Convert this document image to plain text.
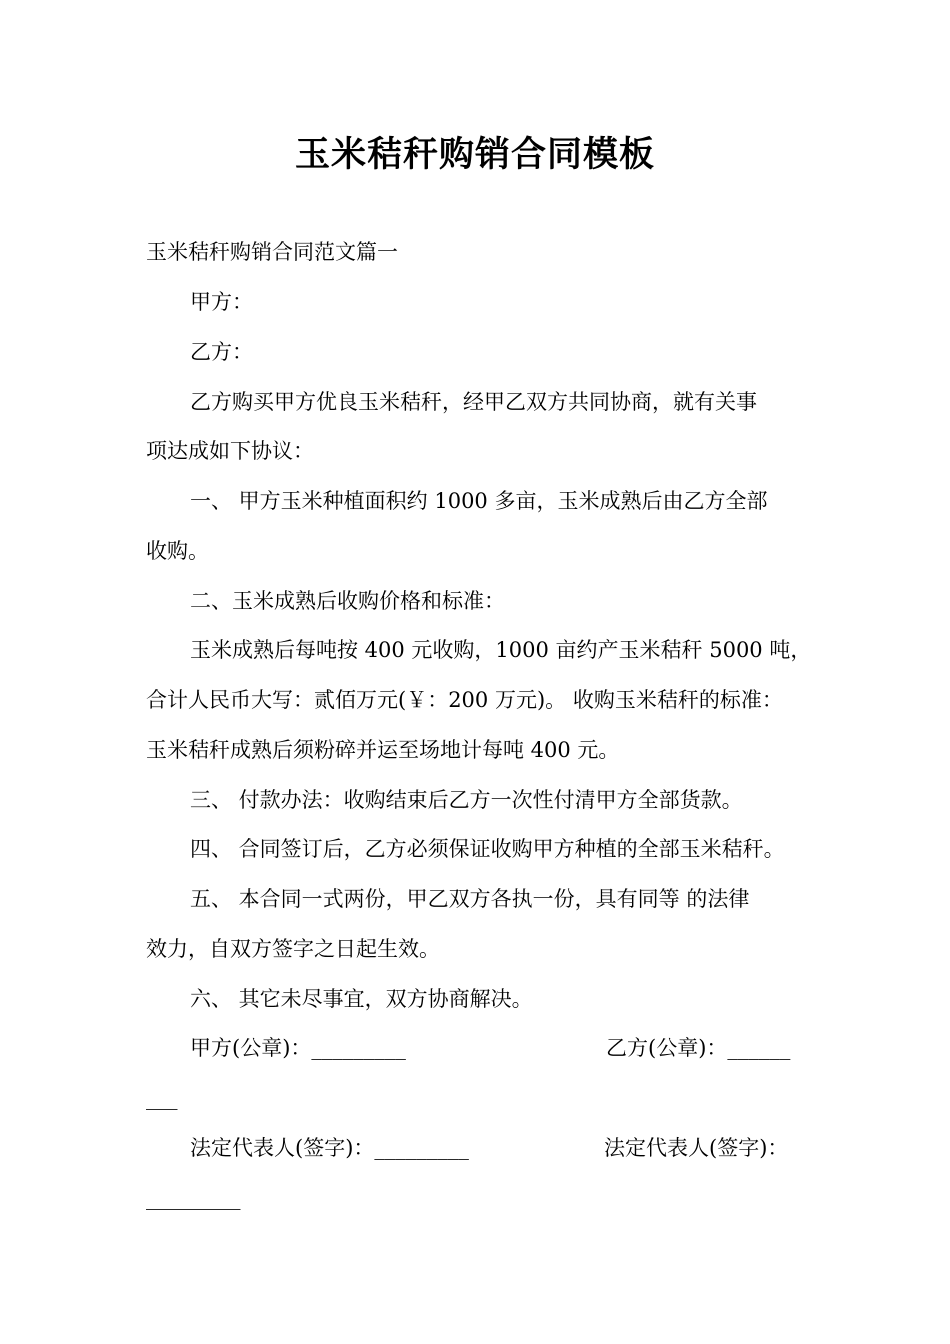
玉米秸秆购销合同模板
玉米秸秆购销合同范文篇一
甲方：
乙方：
乙方购买甲方优良玉米秸秆，经甲乙双方共同协商，就有关事
项达成如下协议：
一、 甲方玉米种植面积约 1000 多亩，玉米成熟后由乙方全部
收购。
二、玉米成熟后收购价格和标准：
玉米成熟后每吨按 400 元收购，1000 亩约产玉米秸秆 5000 吨，
合计人民币大写：贰佰万元(￥：200 万元)。 收购玉米秸秆的标准：
玉米秸秆成熟后须粉碎并运至场地计每吨 400 元。
三、 付款办法：收购结束后乙方一次性付清甲方全部货款。
四、 合同签订后，乙方必须保证收购甲方种植的全部玉米秸秆。
五、 本合同一式两份，甲乙双方各执一份，具有同等 的法律
效力，自双方签字之日起生效。
六、 其它未尽事宜，双方协商解决。
甲方(公章)：_________	乙方(公章)：______
___
法定代表人(签字)：_________	法定代表人(签字)：
_________
